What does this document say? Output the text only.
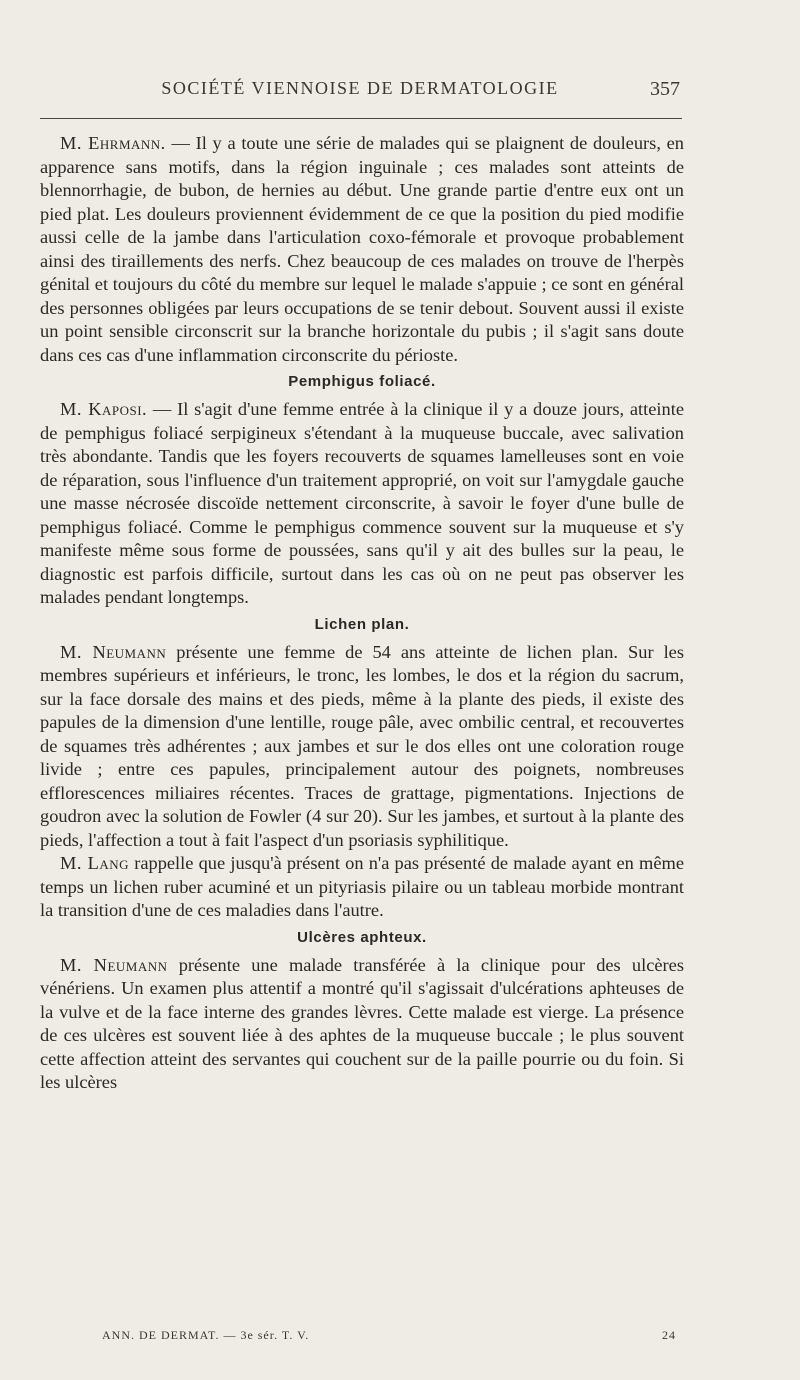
SOCIÉTÉ VIENNOISE DE DERMATOLOGIE	357

M. Ehrmann. — Il y a toute une série de malades qui se plaignent de douleurs, en apparence sans motifs, dans la région inguinale ; ces malades sont atteints de blennorrhagie, de bubon, de hernies au début. Une grande partie d'entre eux ont un pied plat. Les douleurs proviennent évidemment de ce que la position du pied modifie aussi celle de la jambe dans l'articulation coxo-fémorale et provoque probablement ainsi des tiraillements des nerfs. Chez beaucoup de ces malades on trouve de l'herpès génital et toujours du côté du membre sur lequel le malade s'appuie ; ce sont en général des personnes obligées par leurs occupations de se tenir debout. Souvent aussi il existe un point sensible circonscrit sur la branche horizontale du pubis ; il s'agit sans doute dans ces cas d'une inflammation circonscrite du périoste.

Pemphigus foliacé.

M. Kaposi. — Il s'agit d'une femme entrée à la clinique il y a douze jours, atteinte de pemphigus foliacé serpigineux s'étendant à la muqueuse buccale, avec salivation très abondante. Tandis que les foyers recouverts de squames lamelleuses sont en voie de réparation, sous l'influence d'un traitement approprié, on voit sur l'amygdale gauche une masse nécrosée discoïde nettement circonscrite, à savoir le foyer d'une bulle de pemphigus foliacé. Comme le pemphigus commence souvent sur la muqueuse et s'y manifeste même sous forme de poussées, sans qu'il y ait des bulles sur la peau, le diagnostic est parfois difficile, surtout dans les cas où on ne peut pas observer les malades pendant longtemps.

Lichen plan.

M. Neumann présente une femme de 54 ans atteinte de lichen plan. Sur les membres supérieurs et inférieurs, le tronc, les lombes, le dos et la région du sacrum, sur la face dorsale des mains et des pieds, même à la plante des pieds, il existe des papules de la dimension d'une lentille, rouge pâle, avec ombilic central, et recouvertes de squames très adhérentes ; aux jambes et sur le dos elles ont une coloration rouge livide ; entre ces papules, principalement autour des poignets, nombreuses efflorescences miliaires récentes. Traces de grattage, pigmentations. Injections de goudron avec la solution de Fowler (4 sur 20). Sur les jambes, et surtout à la plante des pieds, l'affection a tout à fait l'aspect d'un psoriasis syphilitique.

M. Lang rappelle que jusqu'à présent on n'a pas présenté de malade ayant en même temps un lichen ruber acuminé et un pityriasis pilaire ou un tableau morbide montrant la transition d'une de ces maladies dans l'autre.

Ulcères aphteux.

M. Neumann présente une malade transférée à la clinique pour des ulcères vénériens. Un examen plus attentif a montré qu'il s'agissait d'ulcérations aphteuses de la vulve et de la face interne des grandes lèvres. Cette malade est vierge. La présence de ces ulcères est souvent liée à des aphtes de la muqueuse buccale ; le plus souvent cette affection atteint des servantes qui couchent sur de la paille pourrie ou du foin. Si les ulcères

ANN. DE DERMAT. — 3e sér. T. V.	24
